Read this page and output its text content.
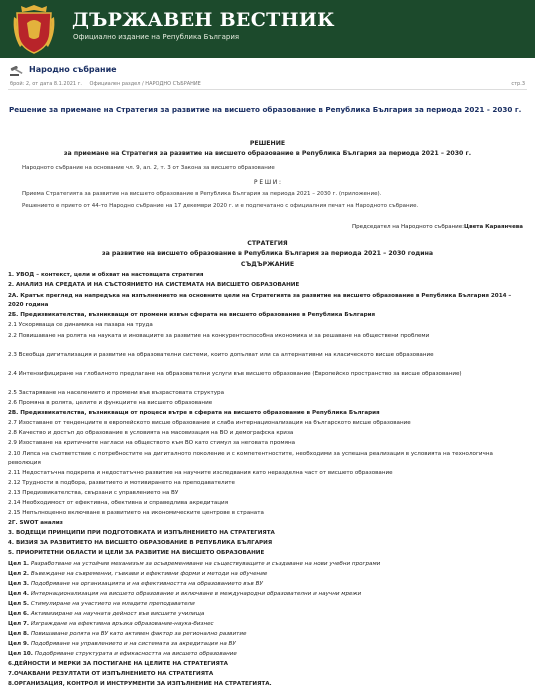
ДЪРЖАВЕН ВЕСТНИК
Официално издание на Република България
Народно събрание
брой: 2, от дата 8.1.2021 г. Официален раздел / НАРОДНО СЪБРАНИЕ	стр.3
Решение за приемане на Стратегия за развитие на висшето образование в Република България за периода 2021 - 2030 г.
РЕШЕНИЕ
за приемане на Стратегия за развитие на висшето образование в Република България за периода 2021 – 2030 г.
Народното събрание на основание чл. 9, ал. 2, т. 3 от Закона за висшето образование
Р Е Ш И :
Приема Стратегията за развитие на висшето образование в Република България за периода 2021 – 2030 г. (приложение).
Решението е прието от 44-то Народно събрание на 17 декември 2020 г. и е подпечатано с официалния печат на Народното събрание.
Председател на Народното събрание:Цвета Караянчева
СТРАТЕГИЯ
за развитие на висшето образование в Република България за периода 2021 – 2030 година
СЪДЪРЖАНИЕ
1. УВОД – контекст, цели и обхват на настоящата стратегия
2. АНАЛИЗ НА СРЕДАТА И НА СЪСТОЯНИЕТО НА СИСТЕМАТА НА ВИСШЕТО ОБРАЗОВАНИЕ
2А. Кратък преглед на напредъка на изпълнението на основните цели на Стратегията за развитие на висшето образование в Република България 2014 – 2020 година
2Б. Предизвикателства, възникващи от промени извън сферата на висшето образование в Република България
2.1 Ускоряваща се динамика на пазара на труда
2.2 Повишаване на ролята на науката и иновациите за развитие на конкурентоспособна икономика и за решаване на обществени проблеми
2.3 Всеобща дигитализация и развитие на образователни системи, които допълват или са алтернативни на класическото висше образование
2.4 Интензифициране на глобалното предлагане на образователни услуги във висшето образование (Европейско пространство за висше образование)
2.5 Застаряване на населението и промени във възрастовата структура
2.6 Промяна в ролята, целите и функциите на висшето образование
2В. Предизвикателства, възникващи от процеси вътре в сферата на висшето образование в Република България
2.7 Изоставане от тенденциите в европейското висше образование и слаба интернационализация на българското висше образование
2.8 Качество и достъп до образование в условията на масовизация на ВО и демографска криза
2.9 Изоставане на критичните нагласи на обществото към ВО като стимул за неговата промяна
2.10 Липса на съответствие с потребностите на дигиталното поколение и с компетентностите, необходими за успешна реализация в условията на технологична революция
2.11 Недостатъчна подкрепа и недостатъчно развитие на научните изследвания като неразделна част от висшето образование
2.12 Трудности в подбора, развитието и мотивирането на преподавателите
2.13 Предизвикателства, свързани с управлението на ВУ
2.14 Необходимост от ефективна, обективна и справедлива акредитация
2.15 Непълноценно включване в развитието на икономическите центрове в страната
2Г. SWOT анализ
3. ВОДЕЩИ ПРИНЦИПИ ПРИ ПОДГОТОВКАТА И ИЗПЪЛНЕНИЕТО НА СТРАТЕГИЯТА
4. ВИЗИЯ ЗА РАЗВИТИЕТО НА ВИСШЕТО ОБРАЗОВАНИЕ В РЕПУБЛИКА БЪЛГАРИЯ
5. ПРИОРИТЕТНИ ОБЛАСТИ И ЦЕЛИ ЗА РАЗВИТИЕ НА ВИСШЕТО ОБРАЗОВАНИЕ
Цел 1. Разработване на устойчив механизъм за осъвременяване на съществуващите и създаване на нови учебни програми
Цел 2. Въвеждане на съвременни, гъвкави и ефективни форми и методи на обучение
Цел 3. Подобряване на организацията и на ефективността на образованието във ВУ
Цел 4. Интернационализация на висшето образование и включване в международни образователни и научни мрежи
Цел 5. Стимулиране на участието на младите преподаватели
Цел 6. Активизиране на научната дейност във висшите училища
Цел 7. Изграждане на ефективна връзка образование-наука-бизнес
Цел 8. Повишаване ролята на ВУ като активен фактор за регионално развитие
Цел 9. Подобряване на управлението и на системата за акредитация на ВУ
Цел 10. Подобряване структурата и ефикасността на висшето образование
6.ДЕЙНОСТИ И МЕРКИ ЗА ПОСТИГАНЕ НА ЦЕЛИТЕ НА СТРАТЕГИЯТА
7.ОЧАКВАНИ РЕЗУЛТАТИ ОТ ИЗПЪЛНЕНИЕТО НА СТРАТЕГИЯТА
8.ОРГАНИЗАЦИЯ, КОНТРОЛ И ИНСТРУМЕНТИ ЗА ИЗПЪЛНЕНИЕ НА СТРАТЕГИЯТА.
